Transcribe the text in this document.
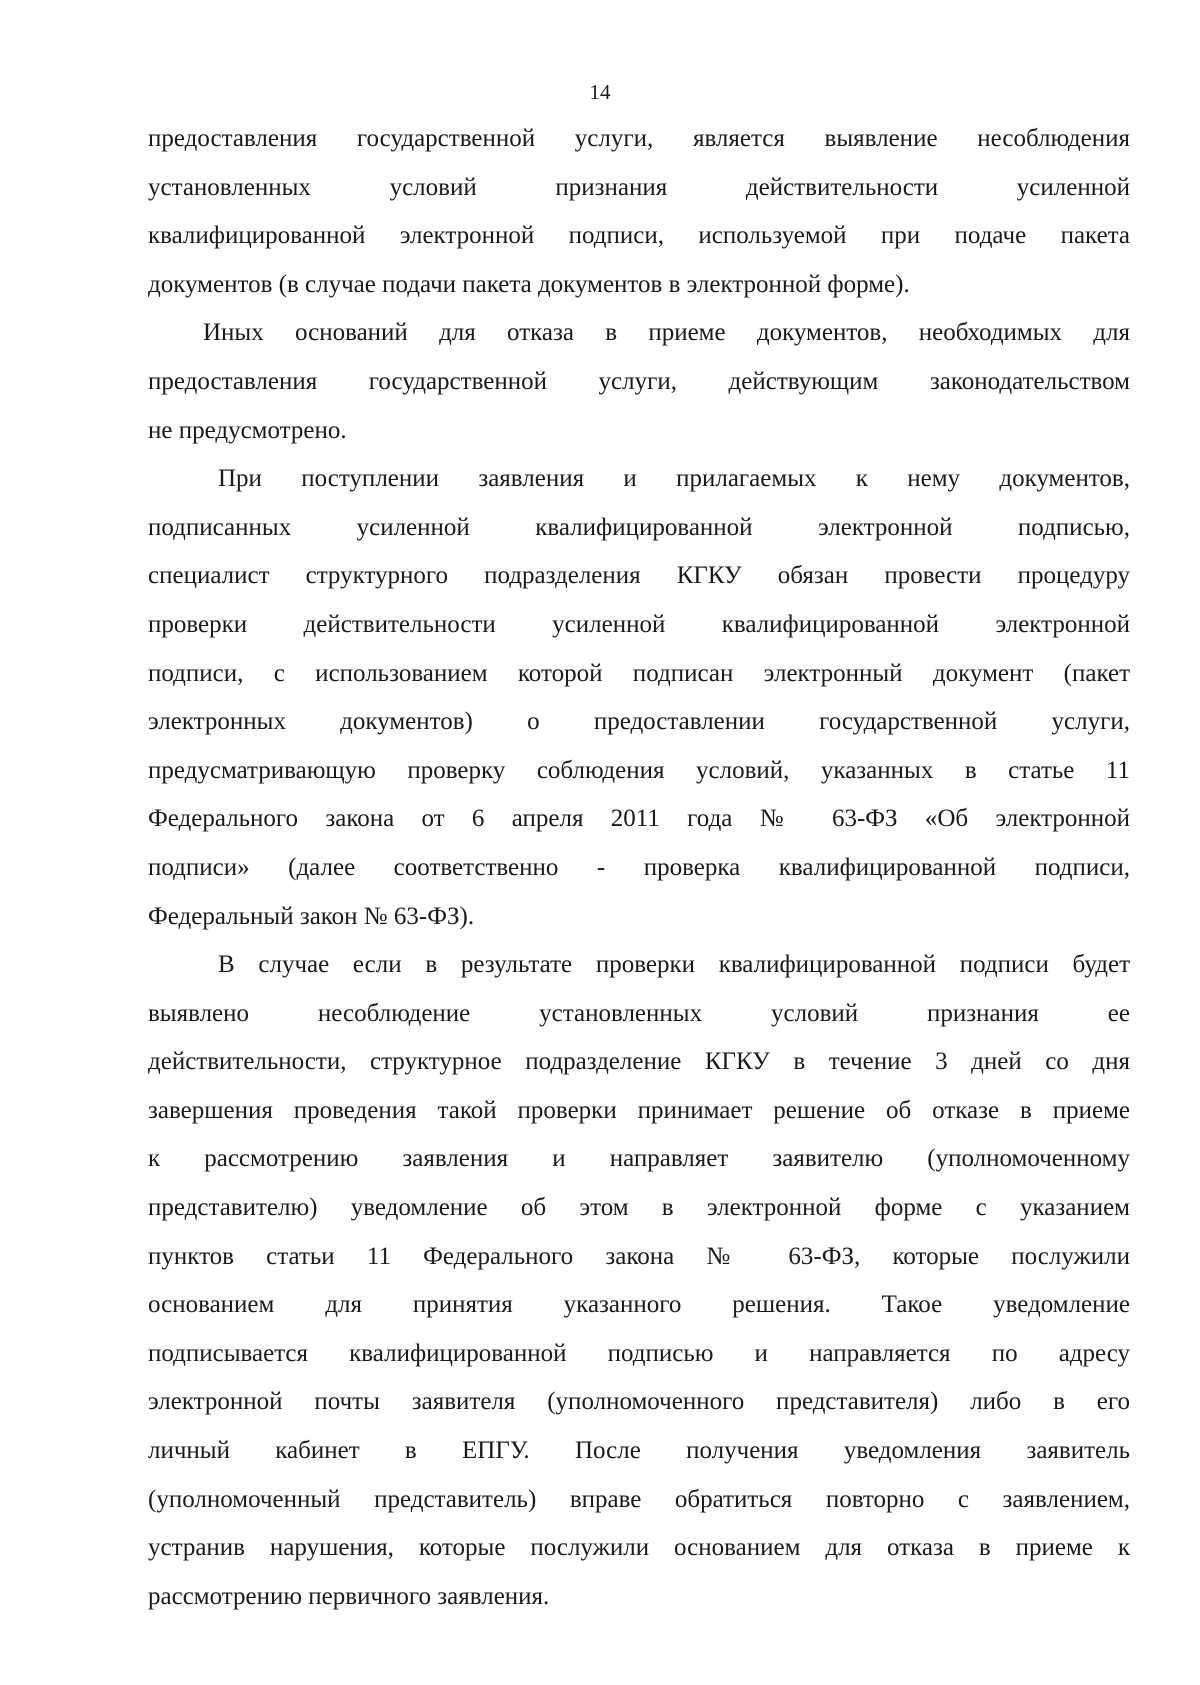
14
предоставления государственной услуги, является выявление несоблюдения
установленных условий признания действительности усиленной
квалифицированной электронной подписи, используемой при подаче пакета
документов (в случае подачи пакета документов в электронной форме).
Иных оснований для отказа в приеме документов, необходимых для
предоставления государственной услуги, действующим законодательством
не предусмотрено.
При поступлении заявления и прилагаемых к нему документов,
подписанных усиленной квалифицированной электронной подписью,
специалист структурного подразделения КГКУ обязан провести процедуру
проверки действительности усиленной квалифицированной электронной
подписи, с использованием которой подписан электронный документ (пакет
электронных документов) о предоставлении государственной услуги,
предусматривающую проверку соблюдения условий, указанных в статье 11
Федерального закона от 6 апреля 2011 года № 63-ФЗ «Об электронной
подписи» (далее соответственно - проверка квалифицированной подписи,
Федеральный закон № 63-ФЗ).
В случае если в результате проверки квалифицированной подписи будет
выявлено несоблюдение установленных условий признания ее
действительности, структурное подразделение КГКУ в течение 3 дней со дня
завершения проведения такой проверки принимает решение об отказе в приеме
к рассмотрению заявления и направляет заявителю (уполномоченному
представителю) уведомление об этом в электронной форме с указанием
пунктов статьи 11 Федерального закона № 63-ФЗ, которые послужили
основанием для принятия указанного решения. Такое уведомление
подписывается квалифицированной подписью и направляется по адресу
электронной почты заявителя (уполномоченного представителя) либо в его
личный кабинет в ЕПГУ. После получения уведомления заявитель
(уполномоченный представитель) вправе обратиться повторно с заявлением,
устранив нарушения, которые послужили основанием для отказа в приеме к
рассмотрению первичного заявления.
